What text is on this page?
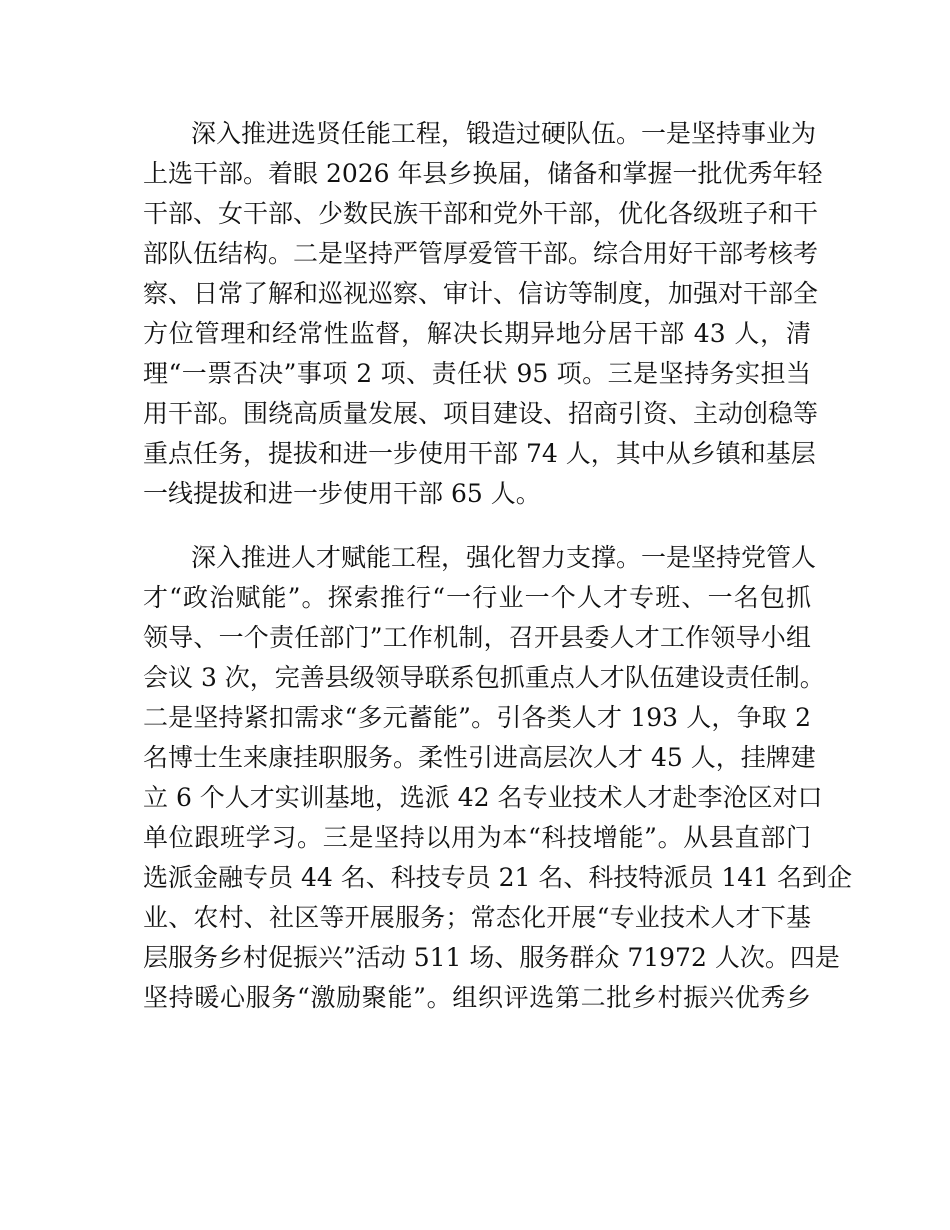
深入推进选贤任能工程，锻造过硬队伍。一是坚持事业为
上选干部。着眼 2026 年县乡换届，储备和掌握一批优秀年轻
干部、女干部、少数民族干部和党外干部，优化各级班子和干
部队伍结构。二是坚持严管厚爱管干部。综合用好干部考核考
察、日常了解和巡视巡察、审计、信访等制度，加强对干部全
方位管理和经常性监督，解决长期异地分居干部 43 人，清
理“一票否决”事项 2 项、责任状 95 项。三是坚持务实担当
用干部。围绕高质量发展、项目建设、招商引资、主动创稳等
重点任务，提拔和进一步使用干部 74 人，其中从乡镇和基层
一线提拔和进一步使用干部 65 人。
深入推进人才赋能工程，强化智力支撑。一是坚持党管人
才“政治赋能”。探索推行“一行业一个人才专班、一名包抓
领导、一个责任部门”工作机制，召开县委人才工作领导小组
会议 3 次，完善县级领导联系包抓重点人才队伍建设责任制。
二是坚持紧扣需求“多元蓄能”。引各类人才 193 人，争取 2
名博士生来康挂职服务。柔性引进高层次人才 45 人，挂牌建
立 6 个人才实训基地，选派 42 名专业技术人才赴李沧区对口
单位跟班学习。三是坚持以用为本“科技增能”。从县直部门
选派金融专员 44 名、科技专员 21 名、科技特派员 141 名到企
业、农村、社区等开展服务；常态化开展“专业技术人才下基
层服务乡村促振兴”活动 511 场、服务群众 71972 人次。四是
坚持暖心服务“激励聚能”。组织评选第二批乡村振兴优秀乡
